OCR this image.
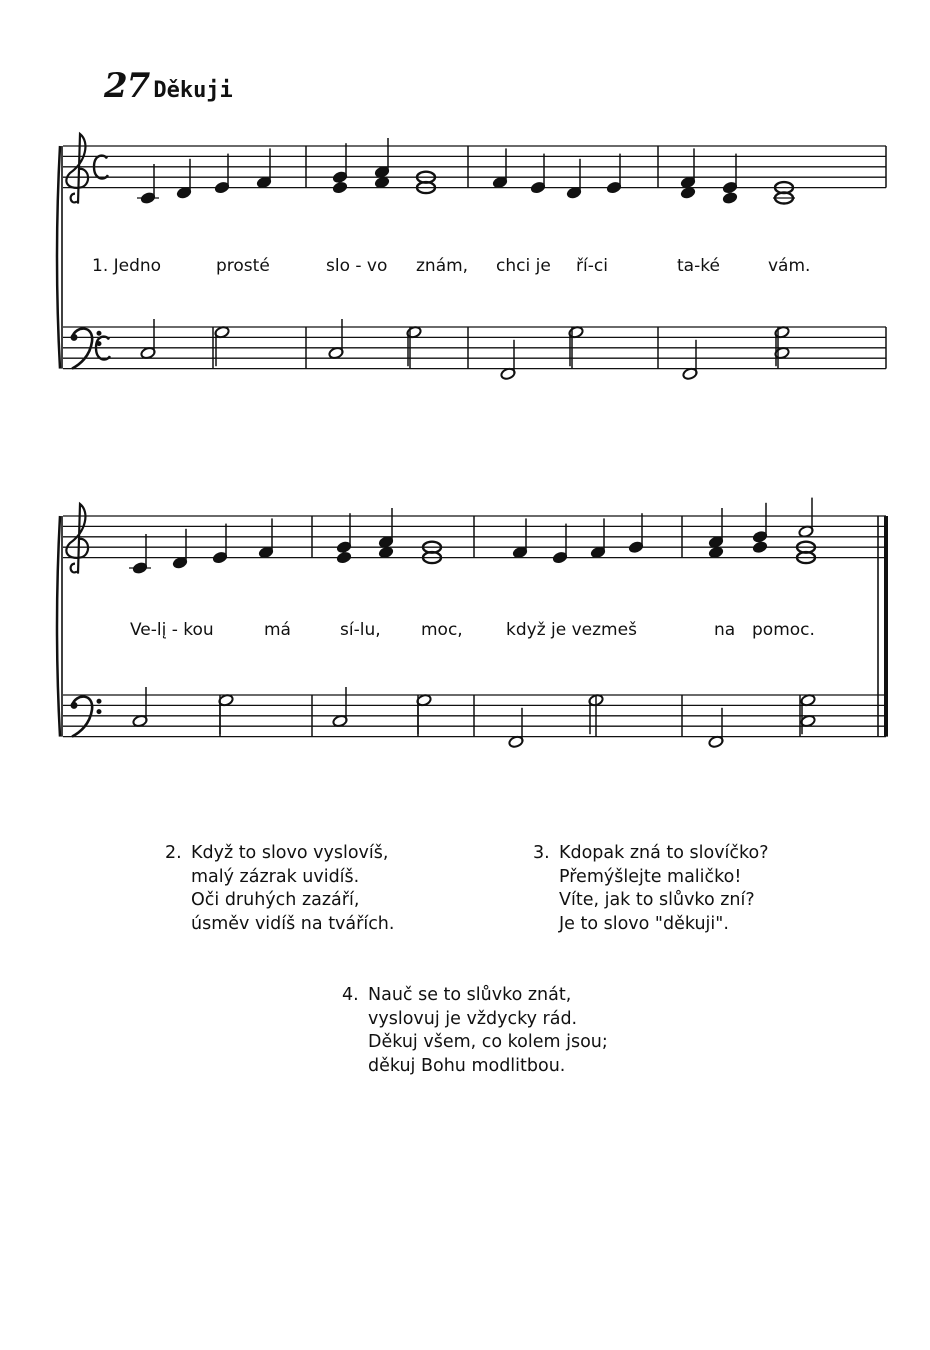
27 Děkuji
1. Jedno	prosté	slo - vo znám, chci je ří-ci	ta-ké	vám.
Ve-lį - kou	má	sí-lu, moc,	když je vezmeš	na pomoc.
2. Když to slovo vyslovíš,
malý zázrak uvidíš.
Oči druhých zazáří,
úsměv vidíš na tvářích.
3. Kdopak zná to slovíčko?
Přemýšlejte maličko!
Víte, jak to slůvko zní?
Je to slovo "děkuji".
4. Nauč se to slůvko znát,
vyslovuj je vždycky rád.
Děkuj všem, co kolem jsou;
děkuj Bohu modlitbou.
